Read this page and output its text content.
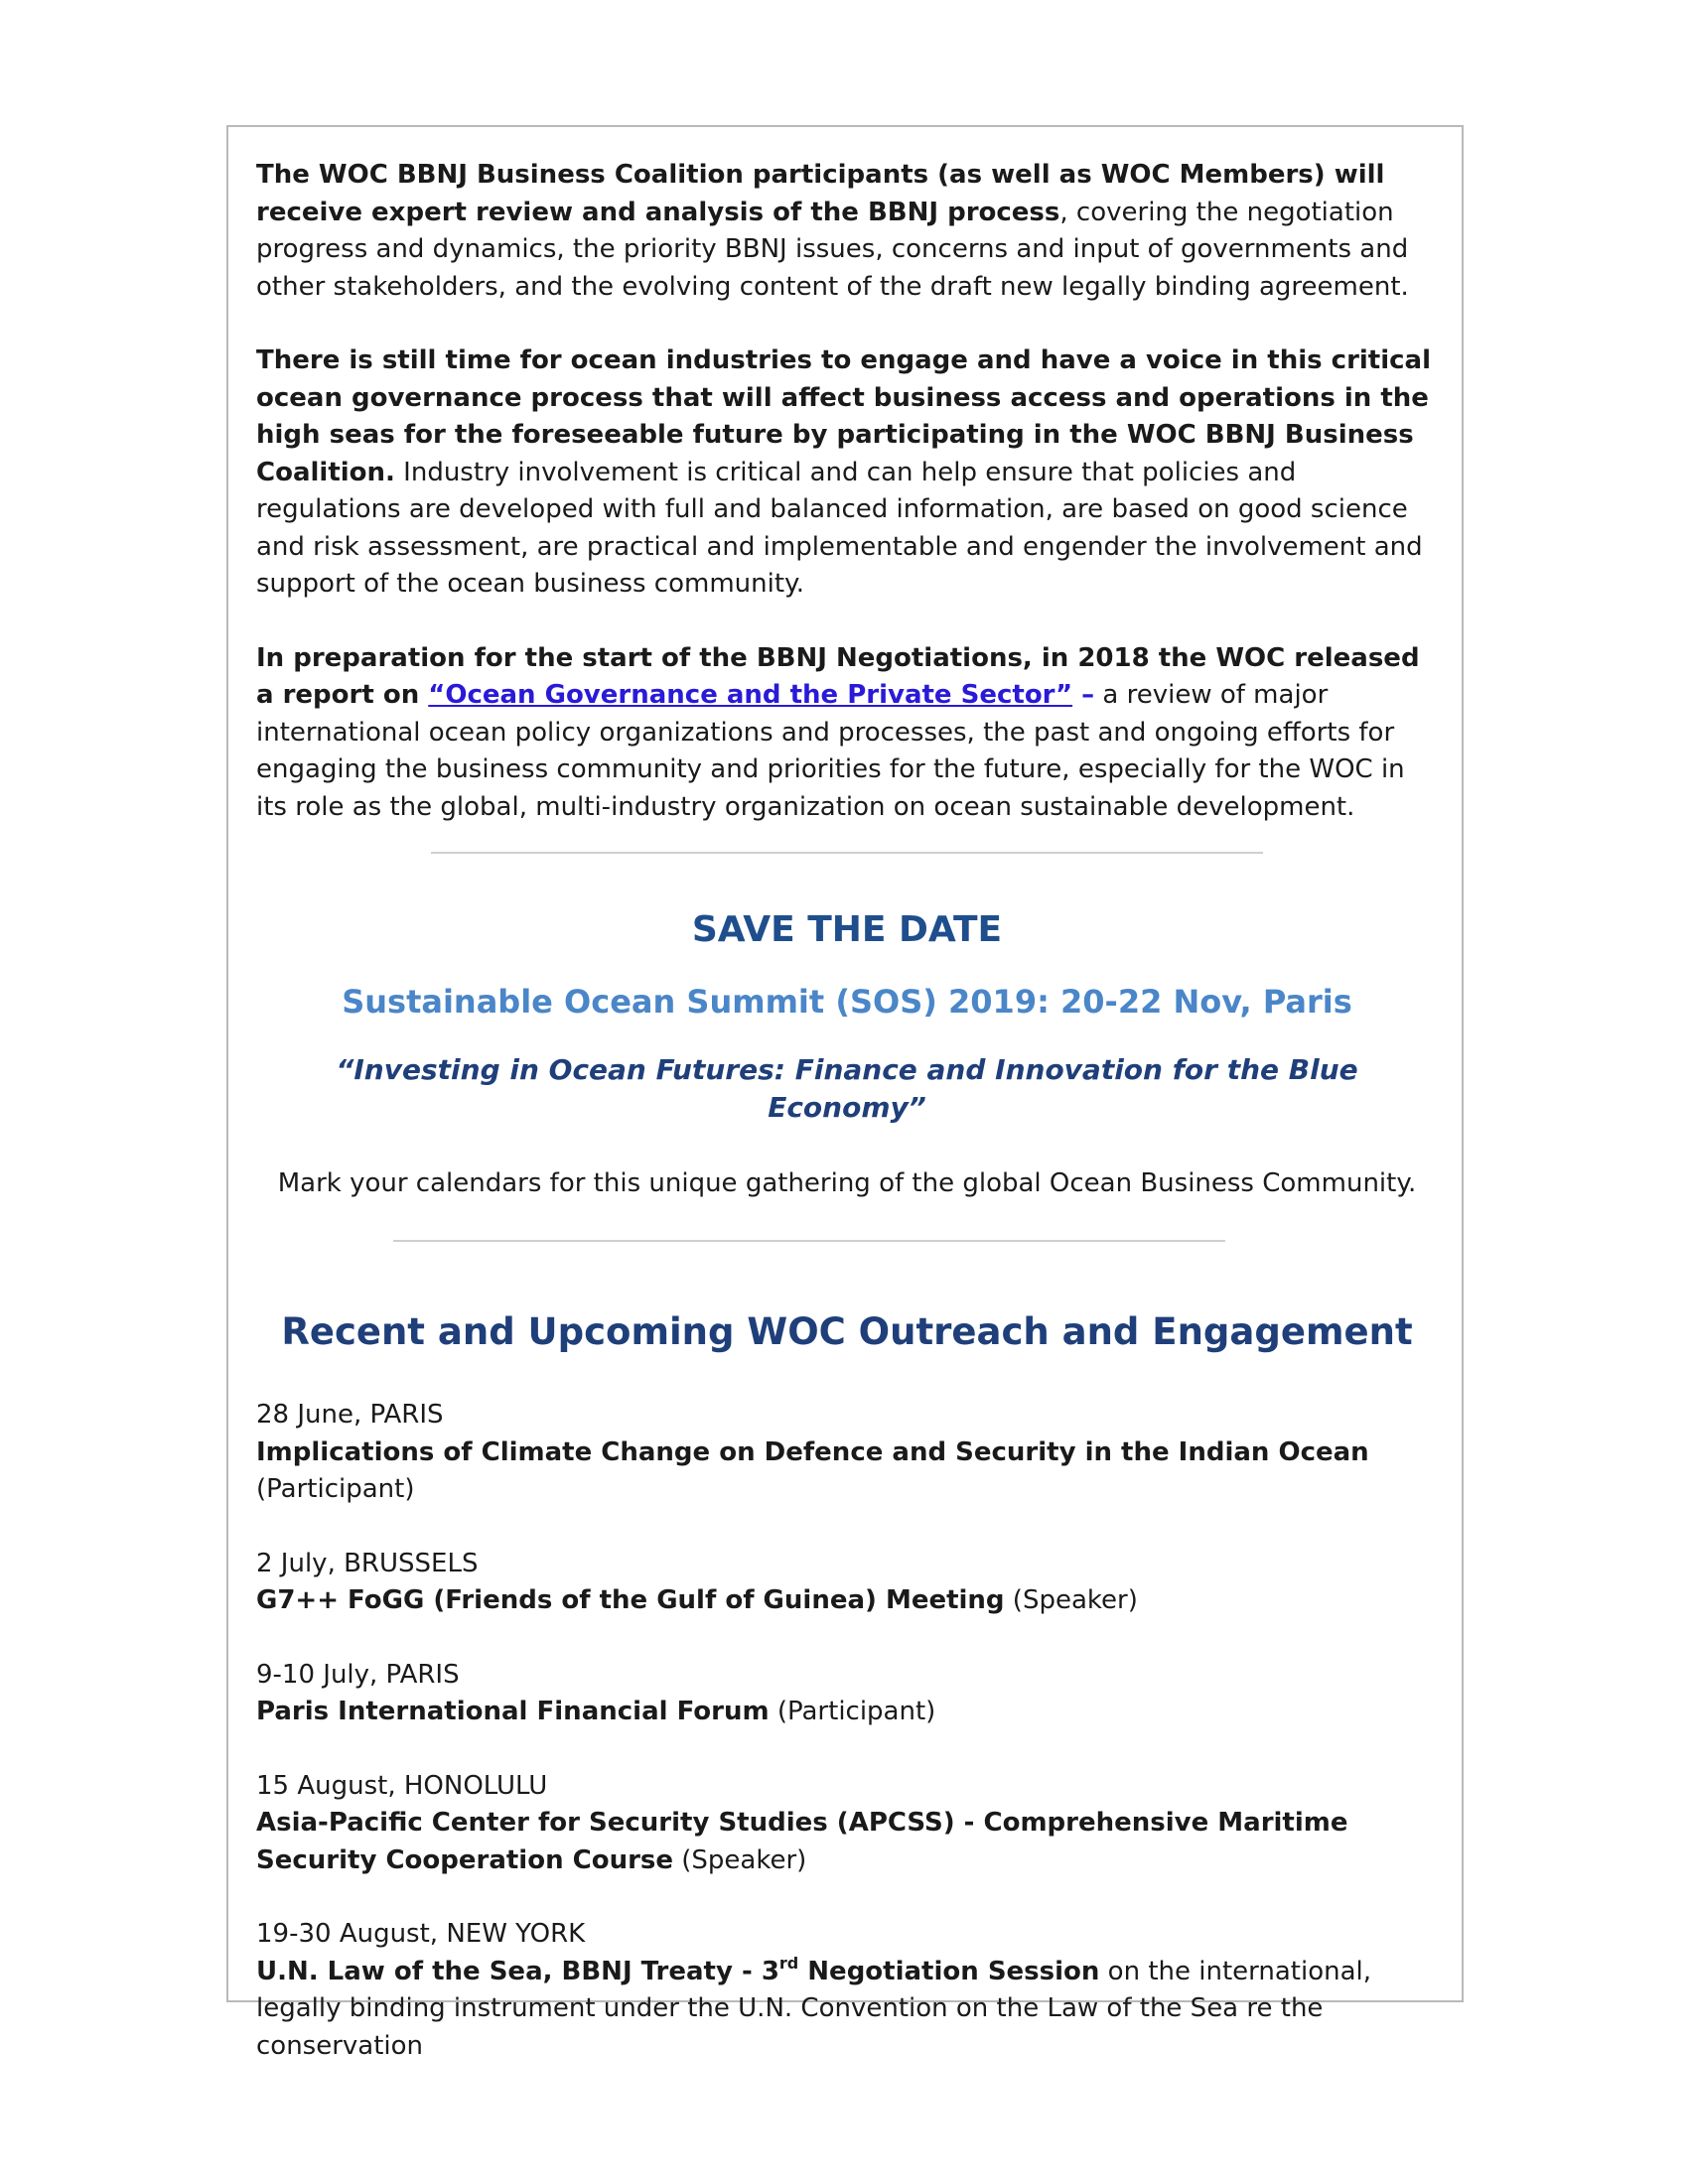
The WOC BBNJ Business Coalition participants (as well as WOC Members) will receive expert review and analysis of the BBNJ process, covering the negotiation progress and dynamics, the priority BBNJ issues, concerns and input of governments and other stakeholders, and the evolving content of the draft new legally binding agreement.

There is still time for ocean industries to engage and have a voice in this critical ocean governance process that will affect business access and operations in the high seas for the foreseeable future by participating in the WOC BBNJ Business Coalition. Industry involvement is critical and can help ensure that policies and regulations are developed with full and balanced information, are based on good science and risk assessment, are practical and implementable and engender the involvement and support of the ocean business community.

In preparation for the start of the BBNJ Negotiations, in 2018 the WOC released a report on “Ocean Governance and the Private Sector” – a review of major international ocean policy organizations and processes, the past and ongoing efforts for engaging the business community and priorities for the future, especially for the WOC in its role as the global, multi-industry organization on ocean sustainable development.

SAVE THE DATE
Sustainable Ocean Summit (SOS) 2019: 20-22 Nov, Paris
“Investing in Ocean Futures: Finance and Innovation for the Blue Economy”
Mark your calendars for this unique gathering of the global Ocean Business Community.
Recent and Upcoming WOC Outreach and Engagement
28 June, PARIS
Implications of Climate Change on Defence and Security in the Indian Ocean (Participant)
2 July, BRUSSELS
G7++ FoGG (Friends of the Gulf of Guinea) Meeting (Speaker)
9-10 July, PARIS
Paris International Financial Forum (Participant)
15 August, HONOLULU
Asia-Pacific Center for Security Studies (APCSS) - Comprehensive Maritime Security Cooperation Course (Speaker)
19-30 August, NEW YORK
U.N. Law of the Sea, BBNJ Treaty - 3rd Negotiation Session on the international, legally binding instrument under the U.N. Convention on the Law of the Sea re the conservation
